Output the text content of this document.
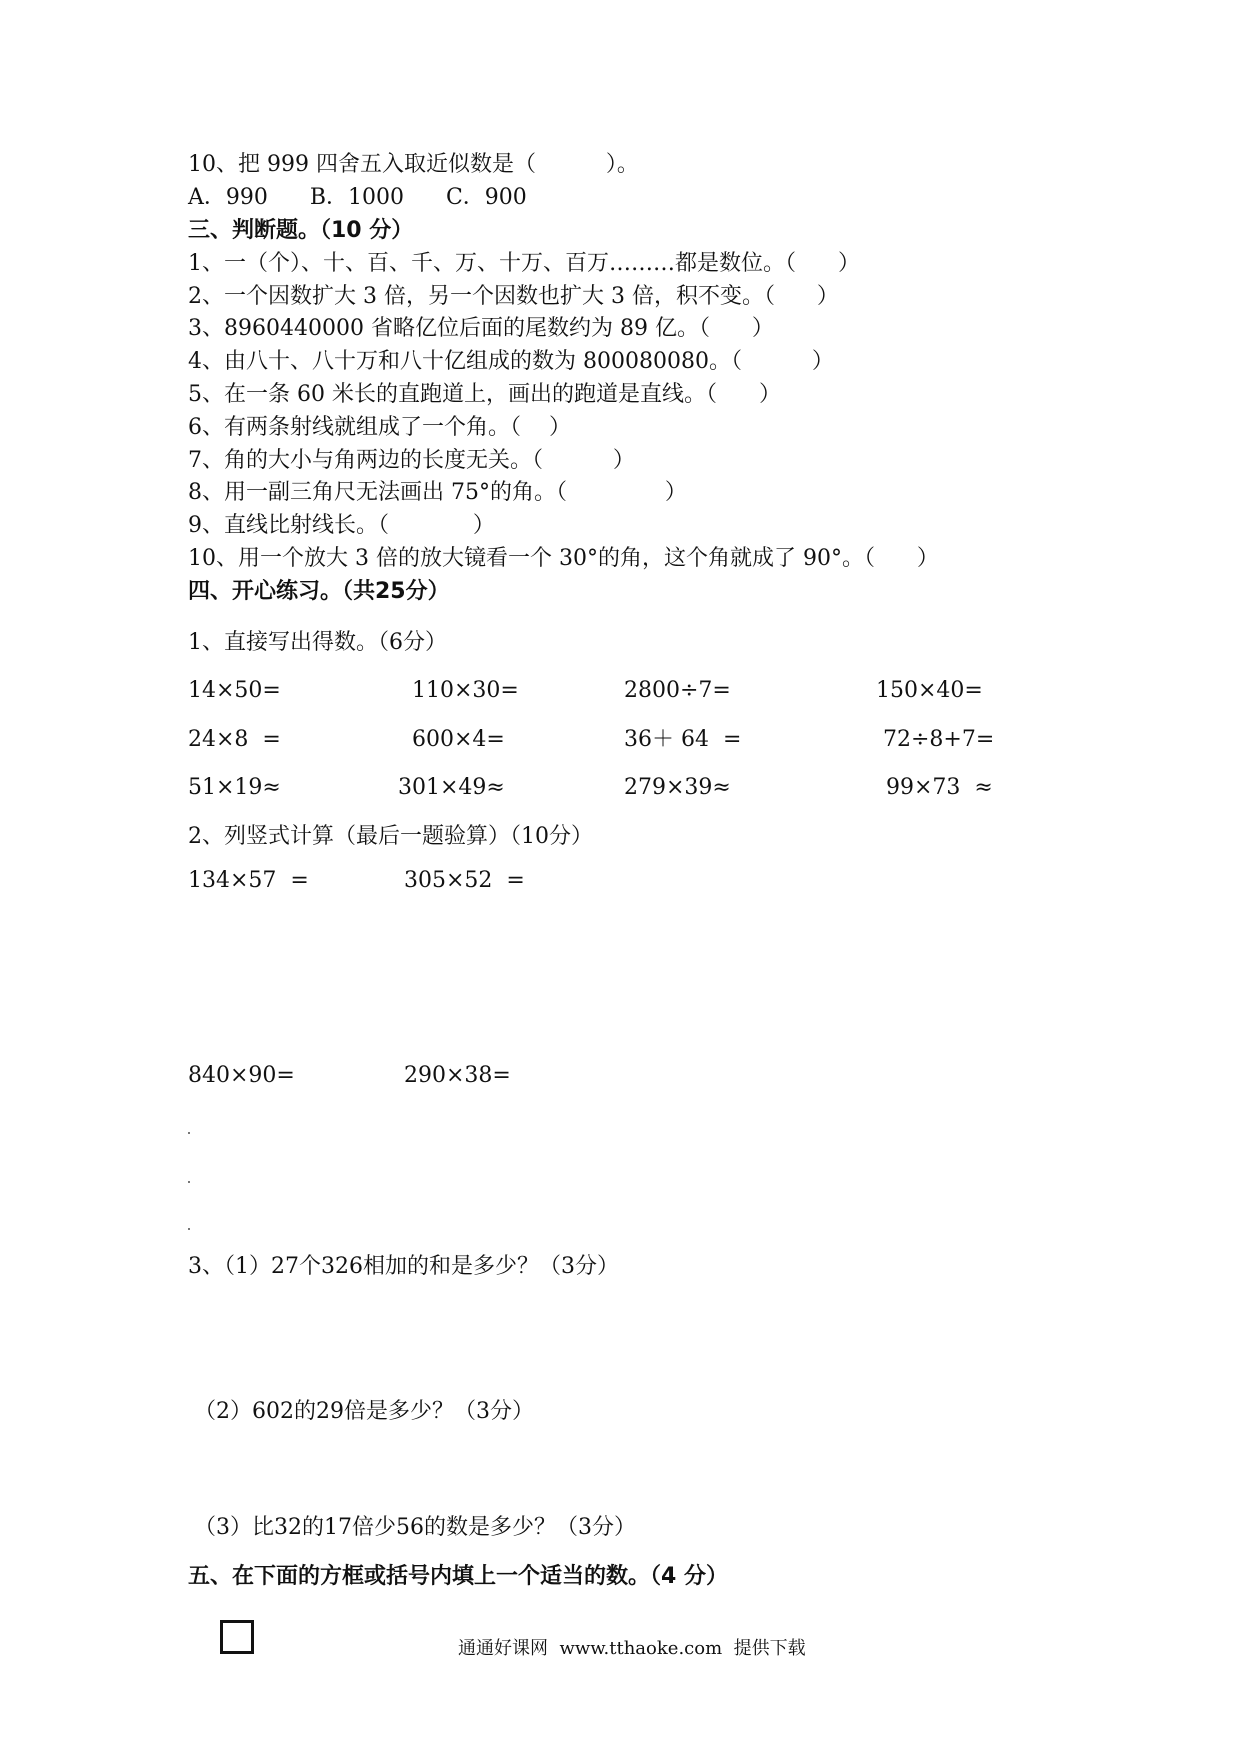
10、把 999 四舍五入取近似数是（          ）。
A．990      B．1000      C．900
三、判断题。（10 分）
1、一（个）、十、百、千、万、十万、百万………都是数位。（      ）
2、一个因数扩大 3 倍，另一个因数也扩大 3 倍，积不变。（      ）
3、8960440000 省略亿位后面的尾数约为 89 亿。（      ）
4、由八十、八十万和八十亿组成的数为 800080080。（          ）
5、在一条 60 米长的直跑道上，画出的跑道是直线。（      ）
6、有两条射线就组成了一个角。（    ）
7、角的大小与角两边的长度无关。（          ）
8、用一副三角尺无法画出 75°的角。（              ）
9、直线比射线长。（            ）
10、用一个放大 3 倍的放大镜看一个 30°的角，这个角就成了 90°。（      ）
四、开心练习。（共25分）
1、直接写出得数。（6分）
14×50=	110×30=	2800÷7=	150×40=
24×8  =	600×4=	36＋ 64  =	72÷8+7=
51×19≈	301×49≈	279×39≈	99×73  ≈
2、列竖式计算（最后一题验算）（10分）
134×57  =	305×52  =
840×90=	290×38=
3、（1）27个326相加的和是多少？（3分）
（2）602的29倍是多少？（3分）
（3）比32的17倍少56的数是多少？（3分）
五、在下面的方框或括号内填上一个适当的数。（4 分）
通通好课网  www.tthaoke.com  提供下载
